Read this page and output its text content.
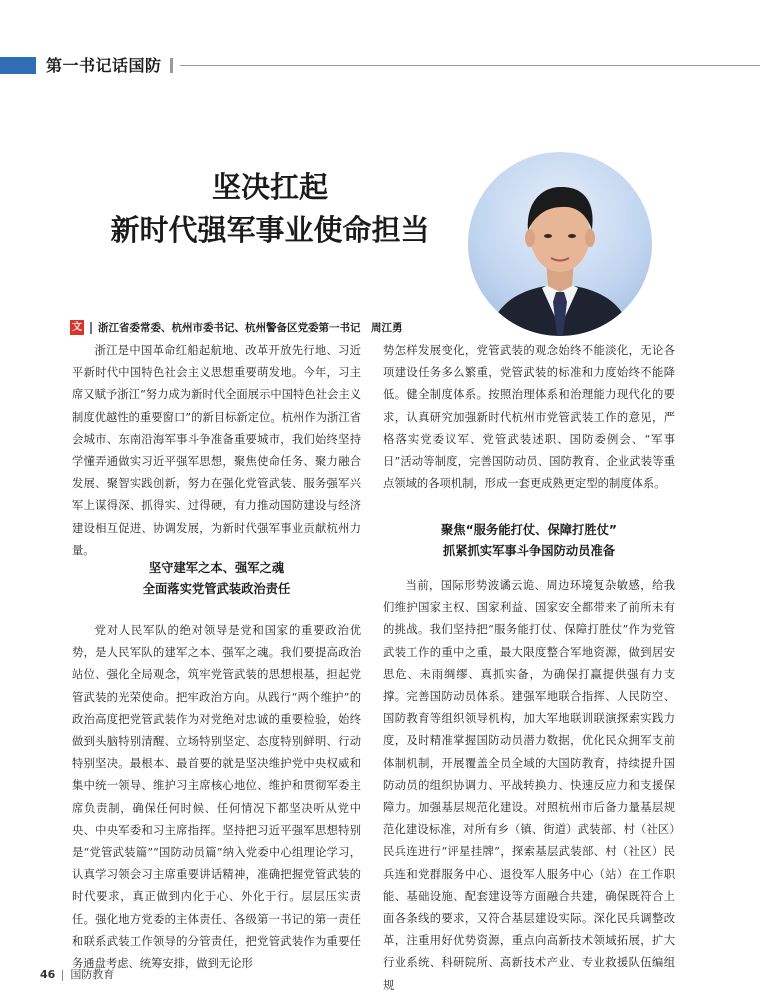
第一书记话国防
坚决扛起
新时代强军事业使命担当
文 浙江省委常委、杭州市委书记、杭州警备区党委第一书记　周江勇

浙江是中国革命红船起航地、改革开放先行地、习近平新时代中国特色社会主义思想重要萌发地。今年，习主席又赋予浙江“努力成为新时代全面展示中国特色社会主义制度优越性的重要窗口”的新目标新定位。杭州作为浙江省会城市、东南沿海军事斗争准备重要城市，我们始终坚持学懂弄通做实习近平强军思想，聚焦使命任务、聚力融合发展、聚智实践创新，努力在强化党管武装、服务强军兴军上谋得深、抓得实、过得硬，有力推动国防建设与经济建设相互促进、协调发展，为新时代强军事业贡献杭州力量。

坚守建军之本、强军之魂
全面落实党管武装政治责任

党对人民军队的绝对领导是党和国家的重要政治优势，是人民军队的建军之本、强军之魂。我们要提高政治站位、强化全局观念，筑牢党管武装的思想根基，担起党管武装的光荣使命。把牢政治方向。从践行“两个维护”的政治高度把党管武装作为对党绝对忠诚的重要检验，始终做到头脑特别清醒、立场特别坚定、态度特别鲜明、行动特别坚决。最根本、最首要的就是坚决维护党中央权威和集中统一领导、维护习主席核心地位、维护和贯彻军委主席负责制，确保任何时候、任何情况下都坚决听从党中央、中央军委和习主席指挥。坚持把习近平强军思想特别是“党管武装篇”“国防动员篇”纳入党委中心组理论学习，认真学习领会习主席重要讲话精神，准确把握党管武装的时代要求，真正做到内化于心、外化于行。层层压实责任。强化地方党委的主体责任、各级第一书记的第一责任和联系武装工作领导的分管责任，把党管武装作为重要任务通盘考虑、统筹安排，做到无论形

势怎样发展变化，党管武装的观念始终不能淡化，无论各项建设任务多么繁重，党管武装的标准和力度始终不能降低。健全制度体系。按照治理体系和治理能力现代化的要求，认真研究加强新时代杭州市党管武装工作的意见，严格落实党委议军、党管武装述职、国防委例会、“军事日”活动等制度，完善国防动员、国防教育、企业武装等重点领域的各项机制，形成一套更成熟更定型的制度体系。

聚焦“服务能打仗、保障打胜仗”
抓紧抓实军事斗争国防动员准备

当前，国际形势波谲云诡、周边环境复杂敏感，给我们维护国家主权、国家利益、国家安全都带来了前所未有的挑战。我们坚持把“服务能打仗、保障打胜仗”作为党管武装工作的重中之重，最大限度整合军地资源，做到居安思危、未雨绸缪、真抓实备，为确保打赢提供强有力支撑。完善国防动员体系。建强军地联合指挥、人民防空、国防教育等组织领导机构，加大军地联训联演探索实践力度，及时精准掌握国防动员潜力数据，优化民众拥军支前体制机制，开展覆盖全员全域的大国防教育，持续提升国防动员的组织协调力、平战转换力、快速反应力和支援保障力。加强基层规范化建设。对照杭州市后备力量基层规范化建设标准，对所有乡（镇、街道）武装部、村（社区）民兵连进行“评星挂牌”，探索基层武装部、村（社区）民兵连和党群服务中心、退役军人服务中心（站）在工作职能、基础设施、配套建设等方面融合共建，确保既符合上面各条线的要求，又符合基层建设实际。深化民兵调整改革，注重用好优势资源，重点向高新技术领域拓展，扩大行业系统、科研院所、高新技术产业、专业救援队伍编组规

46 国防教育
